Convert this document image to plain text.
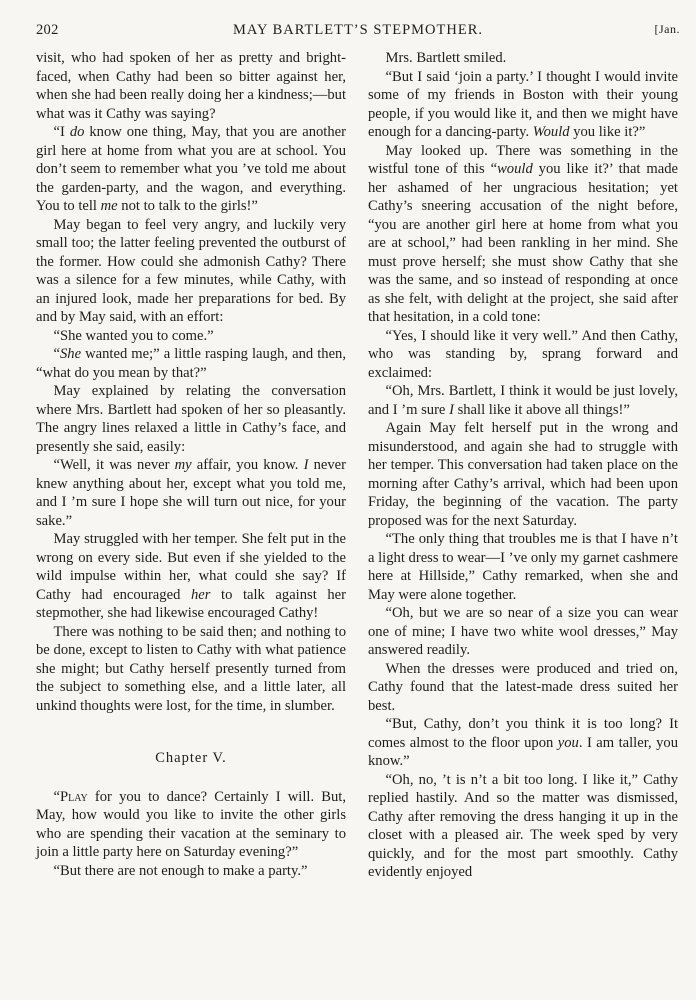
202	MAY BARTLETT’S STEPMOTHER.	[Jan.

visit, who had spoken of her as pretty and bright-faced, when Cathy had been so bitter against her, when she had been really doing her a kindness;—but what was it Cathy was saying?

“I do know one thing, May, that you are another girl here at home from what you are at school. You don’t seem to remember what you ’ve told me about the garden-party, and the wagon, and everything. You to tell me not to talk to the girls!”

May began to feel very angry, and luckily very small too; the latter feeling prevented the outburst of the former. How could she admonish Cathy? There was a silence for a few minutes, while Cathy, with an injured look, made her preparations for bed. By and by May said, with an effort:

“She wanted you to come.”

“She wanted me;” a little rasping laugh, and then, “what do you mean by that?”

May explained by relating the conversation where Mrs. Bartlett had spoken of her so pleasantly. The angry lines relaxed a little in Cathy’s face, and presently she said, easily:

“Well, it was never my affair, you know. I never knew anything about her, except what you told me, and I ’m sure I hope she will turn out nice, for your sake.”

May struggled with her temper. She felt put in the wrong on every side. But even if she yielded to the wild impulse within her, what could she say? If Cathy had encouraged her to talk against her stepmother, she had likewise encouraged Cathy!

There was nothing to be said then; and nothing to be done, except to listen to Cathy with what patience she might; but Cathy herself presently turned from the subject to something else, and a little later, all unkind thoughts were lost, for the time, in slumber.

Chapter V.

“Play for you to dance? Certainly I will. But, May, how would you like to invite the other girls who are spending their vacation at the seminary to join a little party here on Saturday evening?”

“But there are not enough to make a party.”

Mrs. Bartlett smiled.

“But I said ‘join a party.’ I thought I would invite some of my friends in Boston with their young people, if you would like it, and then we might have enough for a dancing-party. Would you like it?”

May looked up. There was something in the wistful tone of this “would you like it?’ that made her ashamed of her ungracious hesitation; yet Cathy’s sneering accusation of the night before, “you are another girl here at home from what you are at school,” had been rankling in her mind. She must prove herself; she must show Cathy that she was the same, and so instead of responding at once as she felt, with delight at the project, she said after that hesitation, in a cold tone:

“Yes, I should like it very well.” And then Cathy, who was standing by, sprang forward and exclaimed:

“Oh, Mrs. Bartlett, I think it would be just lovely, and I ’m sure I shall like it above all things!”

Again May felt herself put in the wrong and misunderstood, and again she had to struggle with her temper. This conversation had taken place on the morning after Cathy’s arrival, which had been upon Friday, the beginning of the vacation. The party proposed was for the next Saturday.

“The only thing that troubles me is that I have n’t a light dress to wear—I ’ve only my garnet cashmere here at Hillside,” Cathy remarked, when she and May were alone together.

“Oh, but we are so near of a size you can wear one of mine; I have two white wool dresses,” May answered readily.

When the dresses were produced and tried on, Cathy found that the latest-made dress suited her best.

“But, Cathy, don’t you think it is too long? It comes almost to the floor upon you. I am taller, you know.”

“Oh, no, ’t is n’t a bit too long. I like it,” Cathy replied hastily. And so the matter was dismissed, Cathy after removing the dress hanging it up in the closet with a pleased air. The week sped by very quickly, and for the most part smoothly. Cathy evidently enjoyed
